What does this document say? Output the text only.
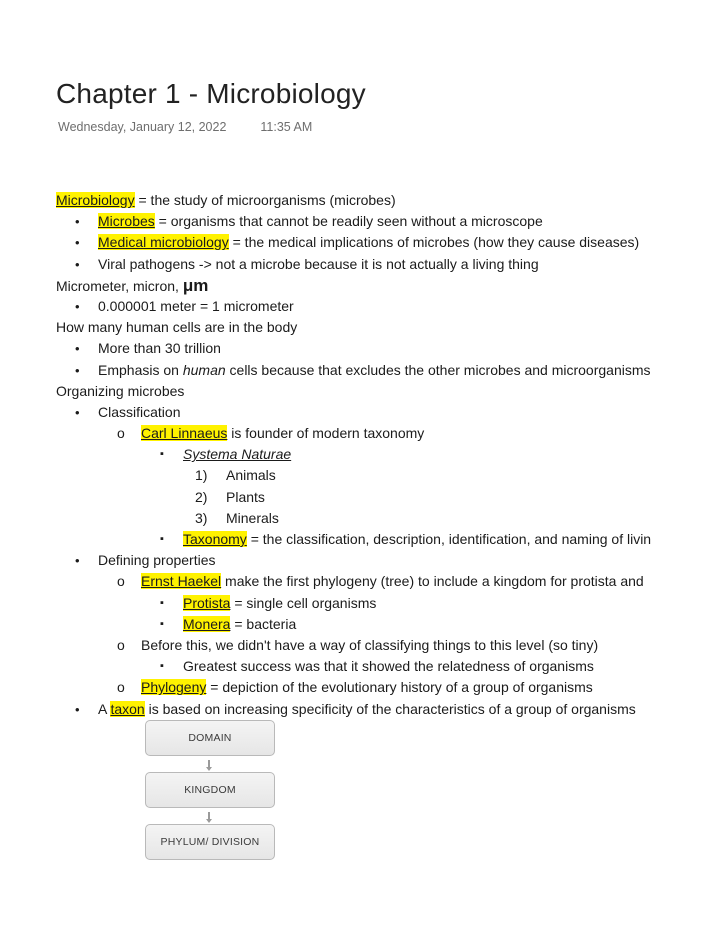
Chapter 1 - Microbiology
Wednesday, January 12, 2022	11:35 AM
Microbiology = the study of microorganisms (microbes)
• Microbes = organisms that cannot be readily seen without a microscope
• Medical microbiology = the medical implications of microbes (how they cause diseases)
• Viral pathogens -> not a microbe because it is not actually a living thing
Micrometer, micron, μm
• 0.000001 meter = 1 micrometer
How many human cells are in the body
• More than 30 trillion
• Emphasis on human cells because that excludes the other microbes and microorganisms
Organizing microbes
• Classification
o Carl Linnaeus is founder of modern taxonomy
▪ Systema Naturae
1) Animals
2) Plants
3) Minerals
▪ Taxonomy = the classification, description, identification, and naming of livin
• Defining properties
o Ernst Haekel make the first phylogeny (tree) to include a kingdom for protista and
▪ Protista = single cell organisms
▪ Monera = bacteria
o Before this, we didn't have a way of classifying things to this level (so tiny)
▪ Greatest success was that it showed the relatedness of organisms
o Phylogeny = depiction of the evolutionary history of a group of organisms
• A taxon is based on increasing specificity of the characteristics of a group of organisms
DOMAIN
KINGDOM
PHYLUM/ DIVISION
